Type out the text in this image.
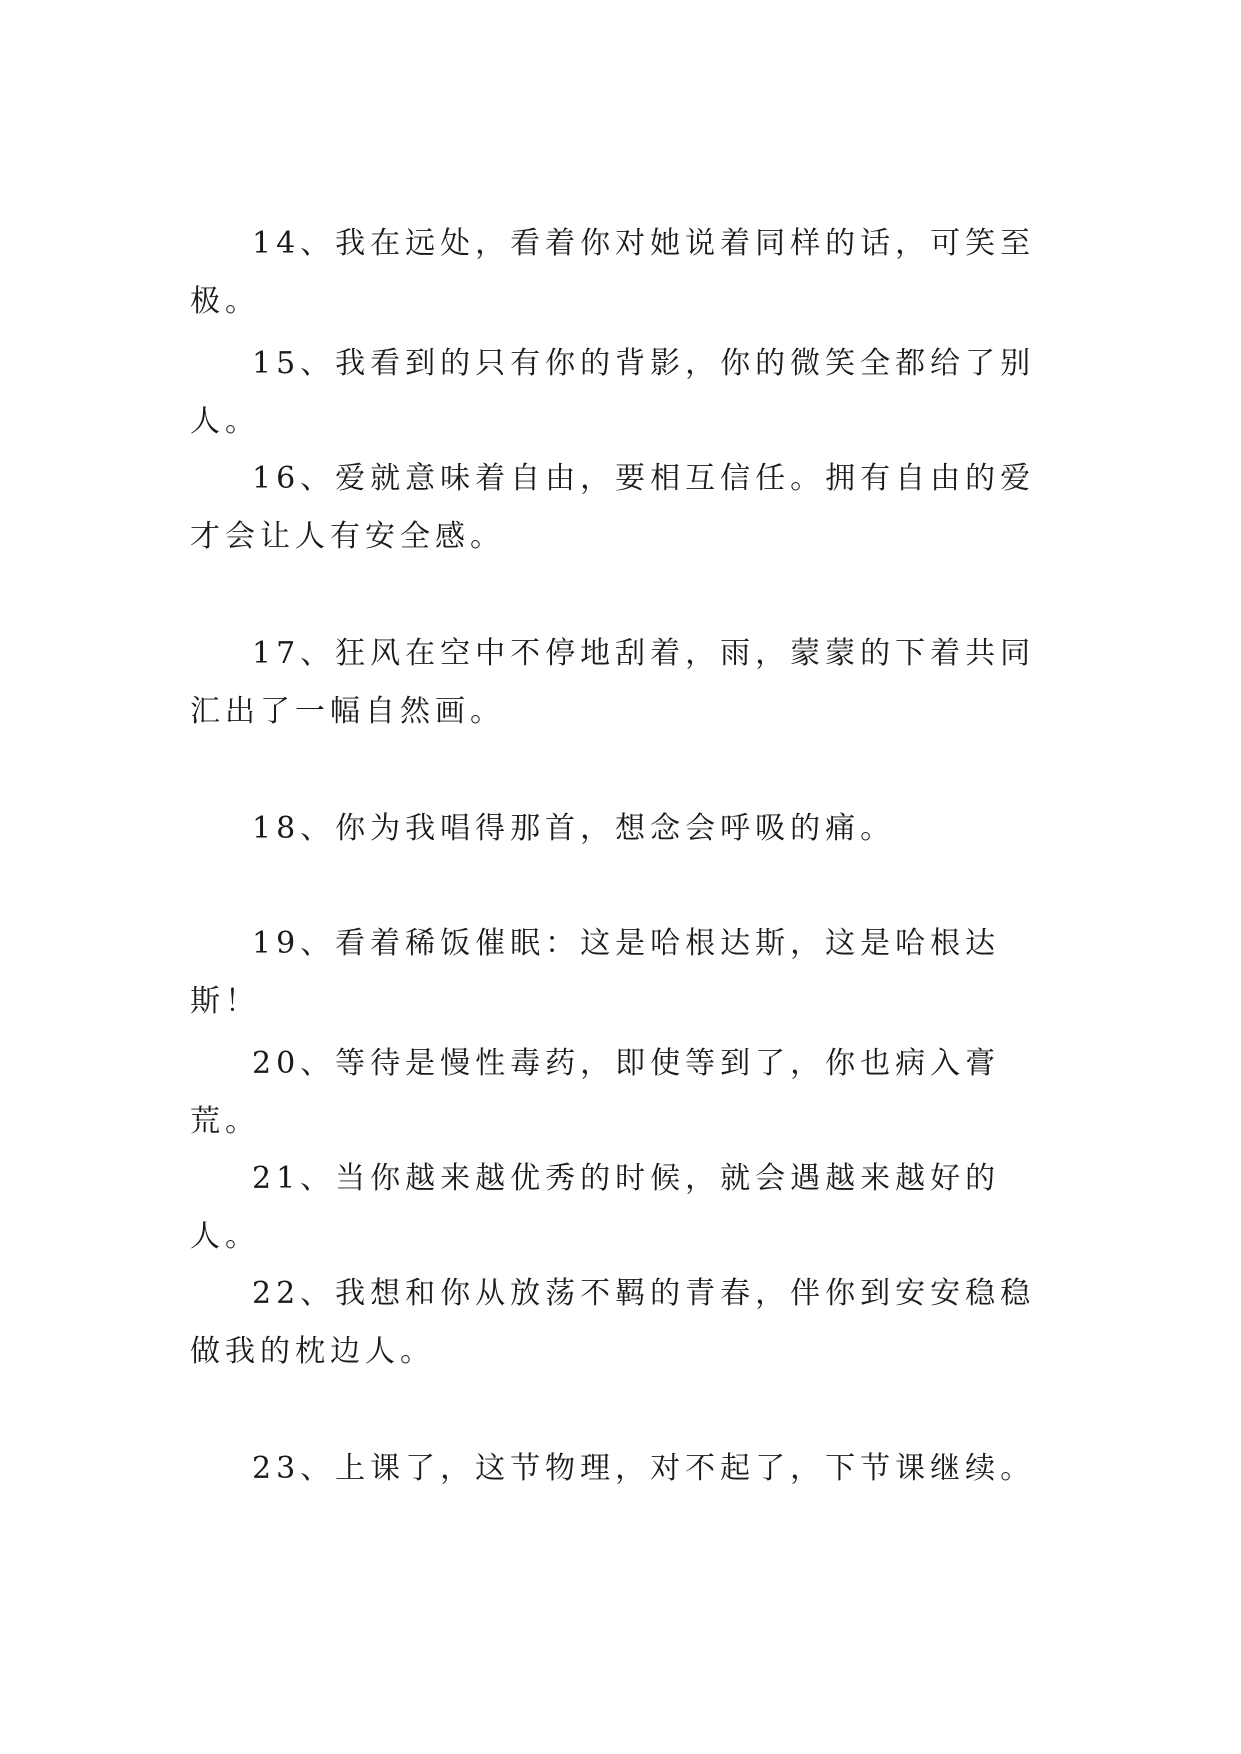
14、我在远处，看着你对她说着同样的话，可笑至极。

15、我看到的只有你的背影，你的微笑全都给了别人。

16、爱就意味着自由，要相互信任。拥有自由的爱才会让人有安全感。

17、狂风在空中不停地刮着，雨，蒙蒙的下着共同汇出了一幅自然画。

18、你为我唱得那首，想念会呼吸的痛。

19、看着稀饭催眠：这是哈根达斯，这是哈根达斯！

20、等待是慢性毒药，即使等到了，你也病入膏荒。

21、当你越来越优秀的时候，就会遇越来越好的人。

22、我想和你从放荡不羁的青春，伴你到安安稳稳做我的枕边人。

23、上课了，这节物理，对不起了，下节课继续。
